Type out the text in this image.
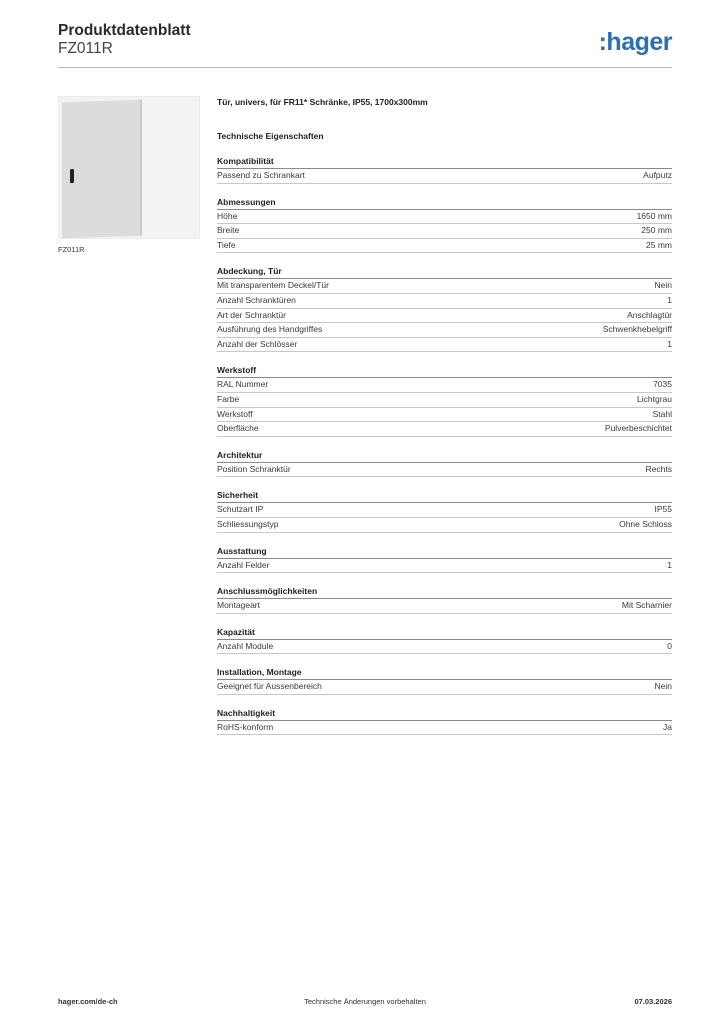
Produktdatenblatt
FZ011R	:hager
FZ011R
Tür, univers, für FR11* Schränke, IP55, 1700x300mm
Technische Eigenschaften
Kompatibilität
Passend zu Schrankart	Aufputz
Abmessungen
Höhe	1650 mm
Breite	250 mm
Tiefe	25 mm
Abdeckung, Tür
Mit transparentem Deckel/Tür	Nein
Anzahl Schranktüren	1
Art der Schranktür	Anschlagtür
Ausführung des Handgriffes	Schwenkhebelgriff
Anzahl der Schlösser	1
Werkstoff
RAL Nummer	7035
Farbe	Lichtgrau
Werkstoff	Stahl
Oberfläche	Pulverbeschichtet
Architektur
Position Schranktür	Rechts
Sicherheit
Schutzart IP	IP55
Schliessungstyp	Ohne Schloss
Ausstattung
Anzahl Felder	1
Anschlussmöglichkeiten
Montageart	Mit Scharnier
Kapazität
Anzahl Module	0
Installation, Montage
Geeignet für Aussenbereich	Nein
Nachhaltigkeit
RoHS-konform	Ja
hager.com/de-ch	Technische Änderungen vorbehalten	07.03.2026
